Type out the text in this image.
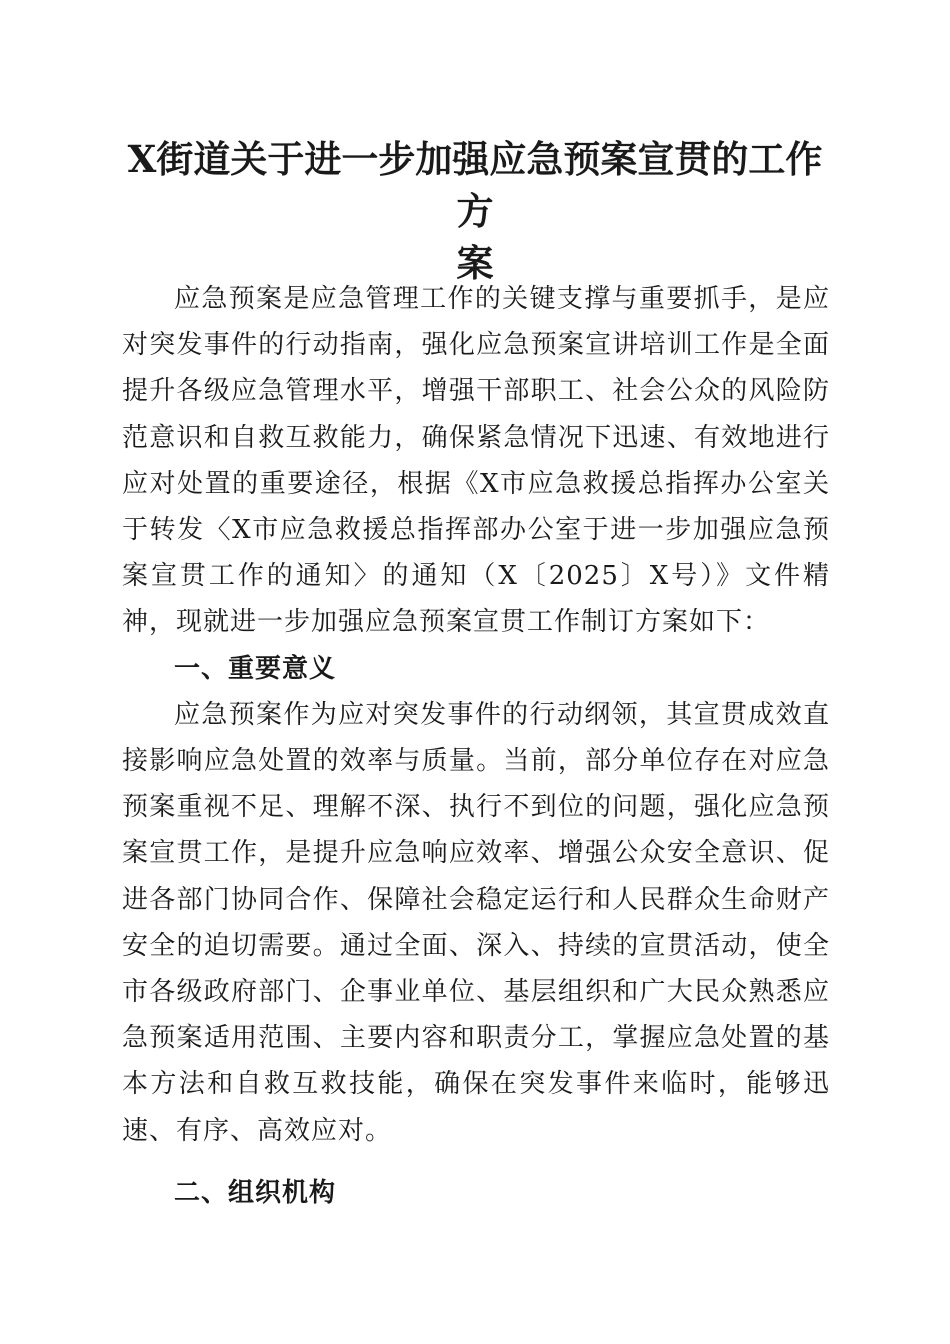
X街道关于进一步加强应急预案宣贯的工作方
案

应急预案是应急管理工作的关键支撑与重要抓手，是应对突发事件的行动指南，强化应急预案宣讲培训工作是全面提升各级应急管理水平，增强干部职工、社会公众的风险防范意识和自救互救能力，确保紧急情况下迅速、有效地进行应对处置的重要途径，根据《X市应急救援总指挥办公室关于转发〈X市应急救援总指挥部办公室于进一步加强应急预案宣贯工作的通知〉的通知（X〔2025〕X号）》文件精神，现就进一步加强应急预案宣贯工作制订方案如下：

一、重要意义

应急预案作为应对突发事件的行动纲领，其宣贯成效直接影响应急处置的效率与质量。当前，部分单位存在对应急预案重视不足、理解不深、执行不到位的问题，强化应急预案宣贯工作，是提升应急响应效率、增强公众安全意识、促进各部门协同合作、保障社会稳定运行和人民群众生命财产安全的迫切需要。通过全面、深入、持续的宣贯活动，使全市各级政府部门、企事业单位、基层组织和广大民众熟悉应急预案适用范围、主要内容和职责分工，掌握应急处置的基本方法和自救互救技能，确保在突发事件来临时，能够迅速、有序、高效应对。

二、组织机构
